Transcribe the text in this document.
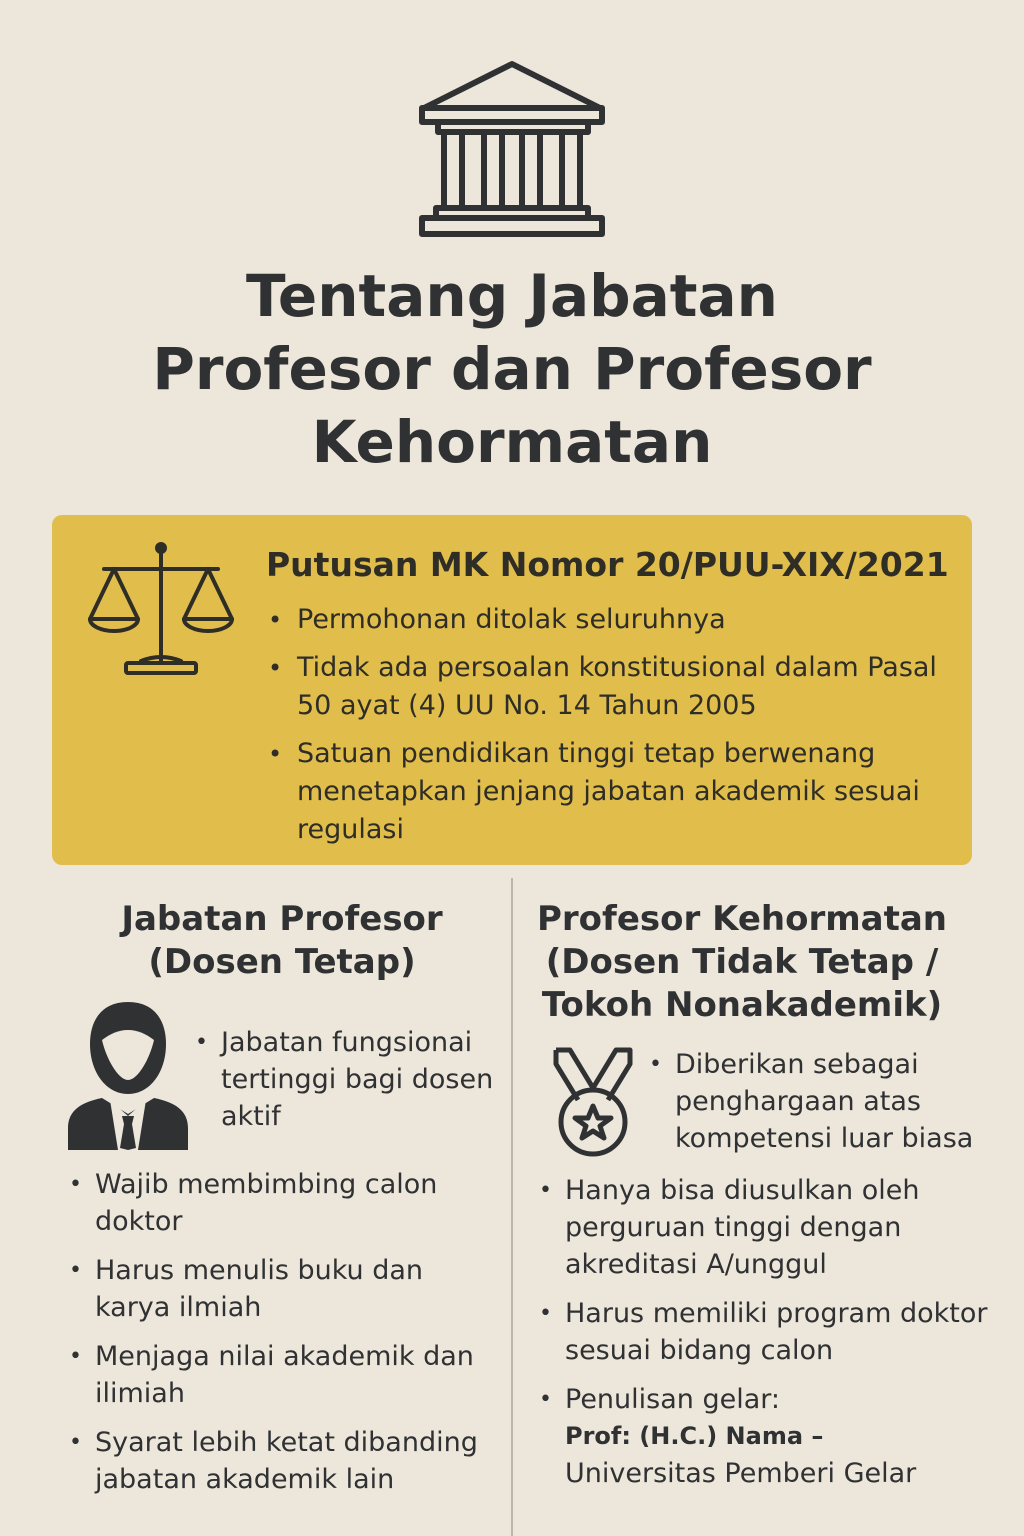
Tentang Jabatan
Profesor dan Profesor
Kehormatan
Putusan MK Nomor 20/PUU-XIX/2021
• Permohonan ditolak seluruhnya
• Tidak ada persoalan konstitusional dalam Pasal 50 ayat (4) UU No. 14 Tahun 2005
• Satuan pendidikan tinggi tetap berwenang menetapkan jenjang jabatan akademik sesuai regulasi
Jabatan Profesor
(Dosen Tetap)
• Jabatan fungsionai tertinggi bagi dosen aktif
• Wajib membimbing calon doktor
• Harus menulis buku dan karya ilmiah
• Menjaga nilai akademik dan ilimiah
• Syarat lebih ketat dibanding jabatan akademik lain
Profesor Kehormatan
(Dosen Tidak Tetap /
Tokoh Nonakademik)
• Diberikan sebagai penghargaan atas kompetensi luar biasa
• Hanya bisa diusulkan oleh perguruan tinggi dengan akreditasi A/unggul
• Harus memiliki program doktor sesuai bidang calon
• Penulisan gelar:
Prof: (H.C.) Nama –
Universitas Pemberi Gelar
